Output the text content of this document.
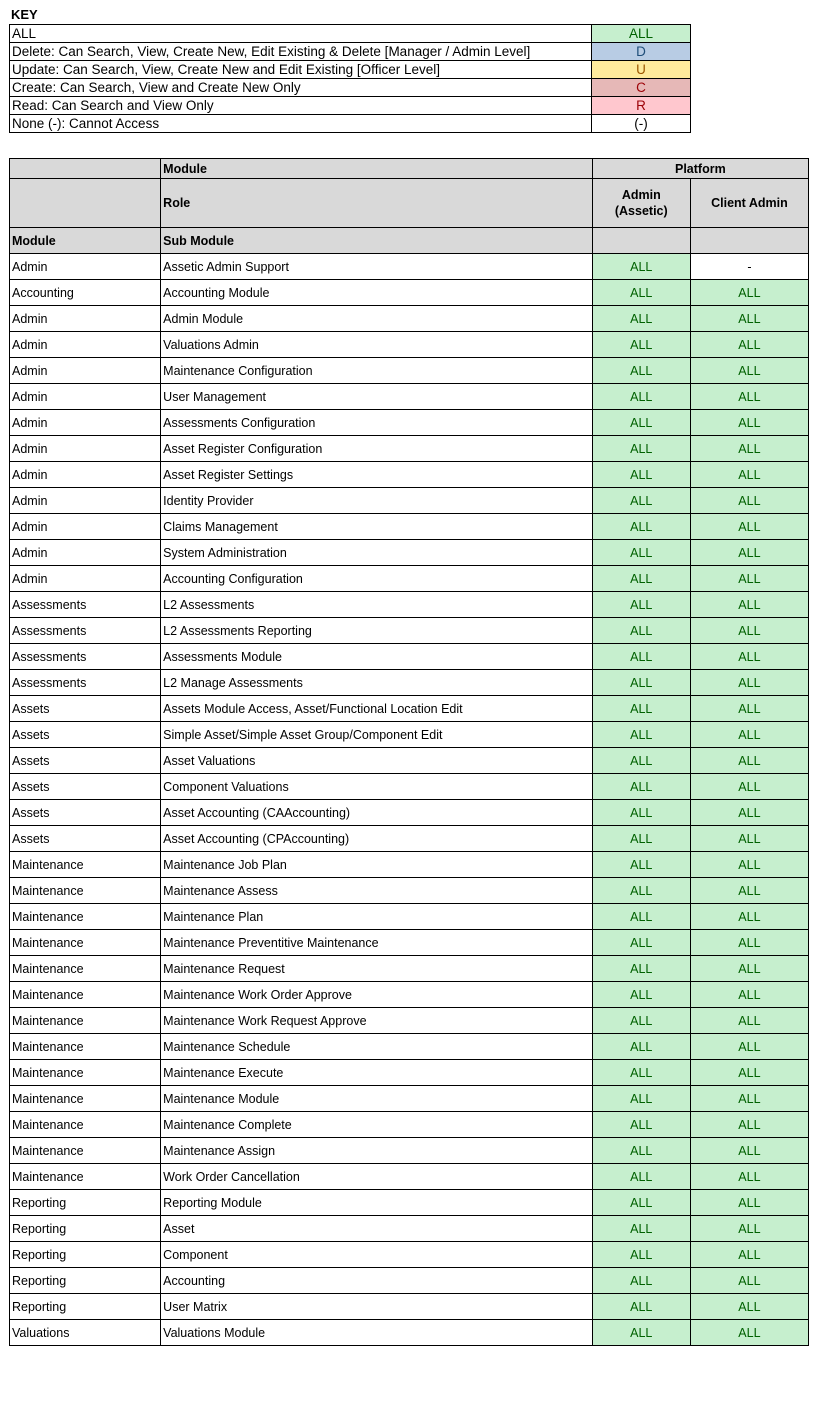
KEY
ALL	ALL
Delete: Can Search, View, Create New, Edit Existing & Delete [Manager / Admin Level]	D
Update: Can Search, View, Create New and Edit Existing [Officer Level]	U
Create: Can Search, View and Create New Only	C
Read: Can Search and View Only	R
None (-): Cannot Access	(-)
	Module	Platform	
	Role	Admin (Assetic)	Client Admin
Module	Sub Module		
Admin	Assetic Admin Support	ALL	-
Accounting	Accounting Module	ALL	ALL
Admin	Admin Module	ALL	ALL
Admin	Valuations Admin	ALL	ALL
Admin	Maintenance Configuration	ALL	ALL
Admin	User Management	ALL	ALL
Admin	Assessments Configuration	ALL	ALL
Admin	Asset Register Configuration	ALL	ALL
Admin	Asset Register Settings	ALL	ALL
Admin	Identity Provider	ALL	ALL
Admin	Claims Management	ALL	ALL
Admin	System Administration	ALL	ALL
Admin	Accounting Configuration	ALL	ALL
Assessments	L2 Assessments	ALL	ALL
Assessments	L2 Assessments Reporting	ALL	ALL
Assessments	Assessments Module	ALL	ALL
Assessments	L2 Manage Assessments	ALL	ALL
Assets	Assets Module Access, Asset/Functional Location Edit	ALL	ALL
Assets	Simple Asset/Simple Asset Group/Component Edit	ALL	ALL
Assets	Asset Valuations	ALL	ALL
Assets	Component Valuations	ALL	ALL
Assets	Asset Accounting (CAAccounting)	ALL	ALL
Assets	Asset Accounting (CPAccounting)	ALL	ALL
Maintenance	Maintenance Job Plan	ALL	ALL
Maintenance	Maintenance Assess	ALL	ALL
Maintenance	Maintenance Plan	ALL	ALL
Maintenance	Maintenance Preventitive Maintenance	ALL	ALL
Maintenance	Maintenance Request	ALL	ALL
Maintenance	Maintenance Work Order Approve	ALL	ALL
Maintenance	Maintenance Work Request Approve	ALL	ALL
Maintenance	Maintenance Schedule	ALL	ALL
Maintenance	Maintenance Execute	ALL	ALL
Maintenance	Maintenance Module	ALL	ALL
Maintenance	Maintenance Complete	ALL	ALL
Maintenance	Maintenance Assign	ALL	ALL
Maintenance	Work Order Cancellation	ALL	ALL
Reporting	Reporting Module	ALL	ALL
Reporting	Asset	ALL	ALL
Reporting	Component	ALL	ALL
Reporting	Accounting	ALL	ALL
Reporting	User Matrix	ALL	ALL
Valuations	Valuations Module	ALL	ALL
